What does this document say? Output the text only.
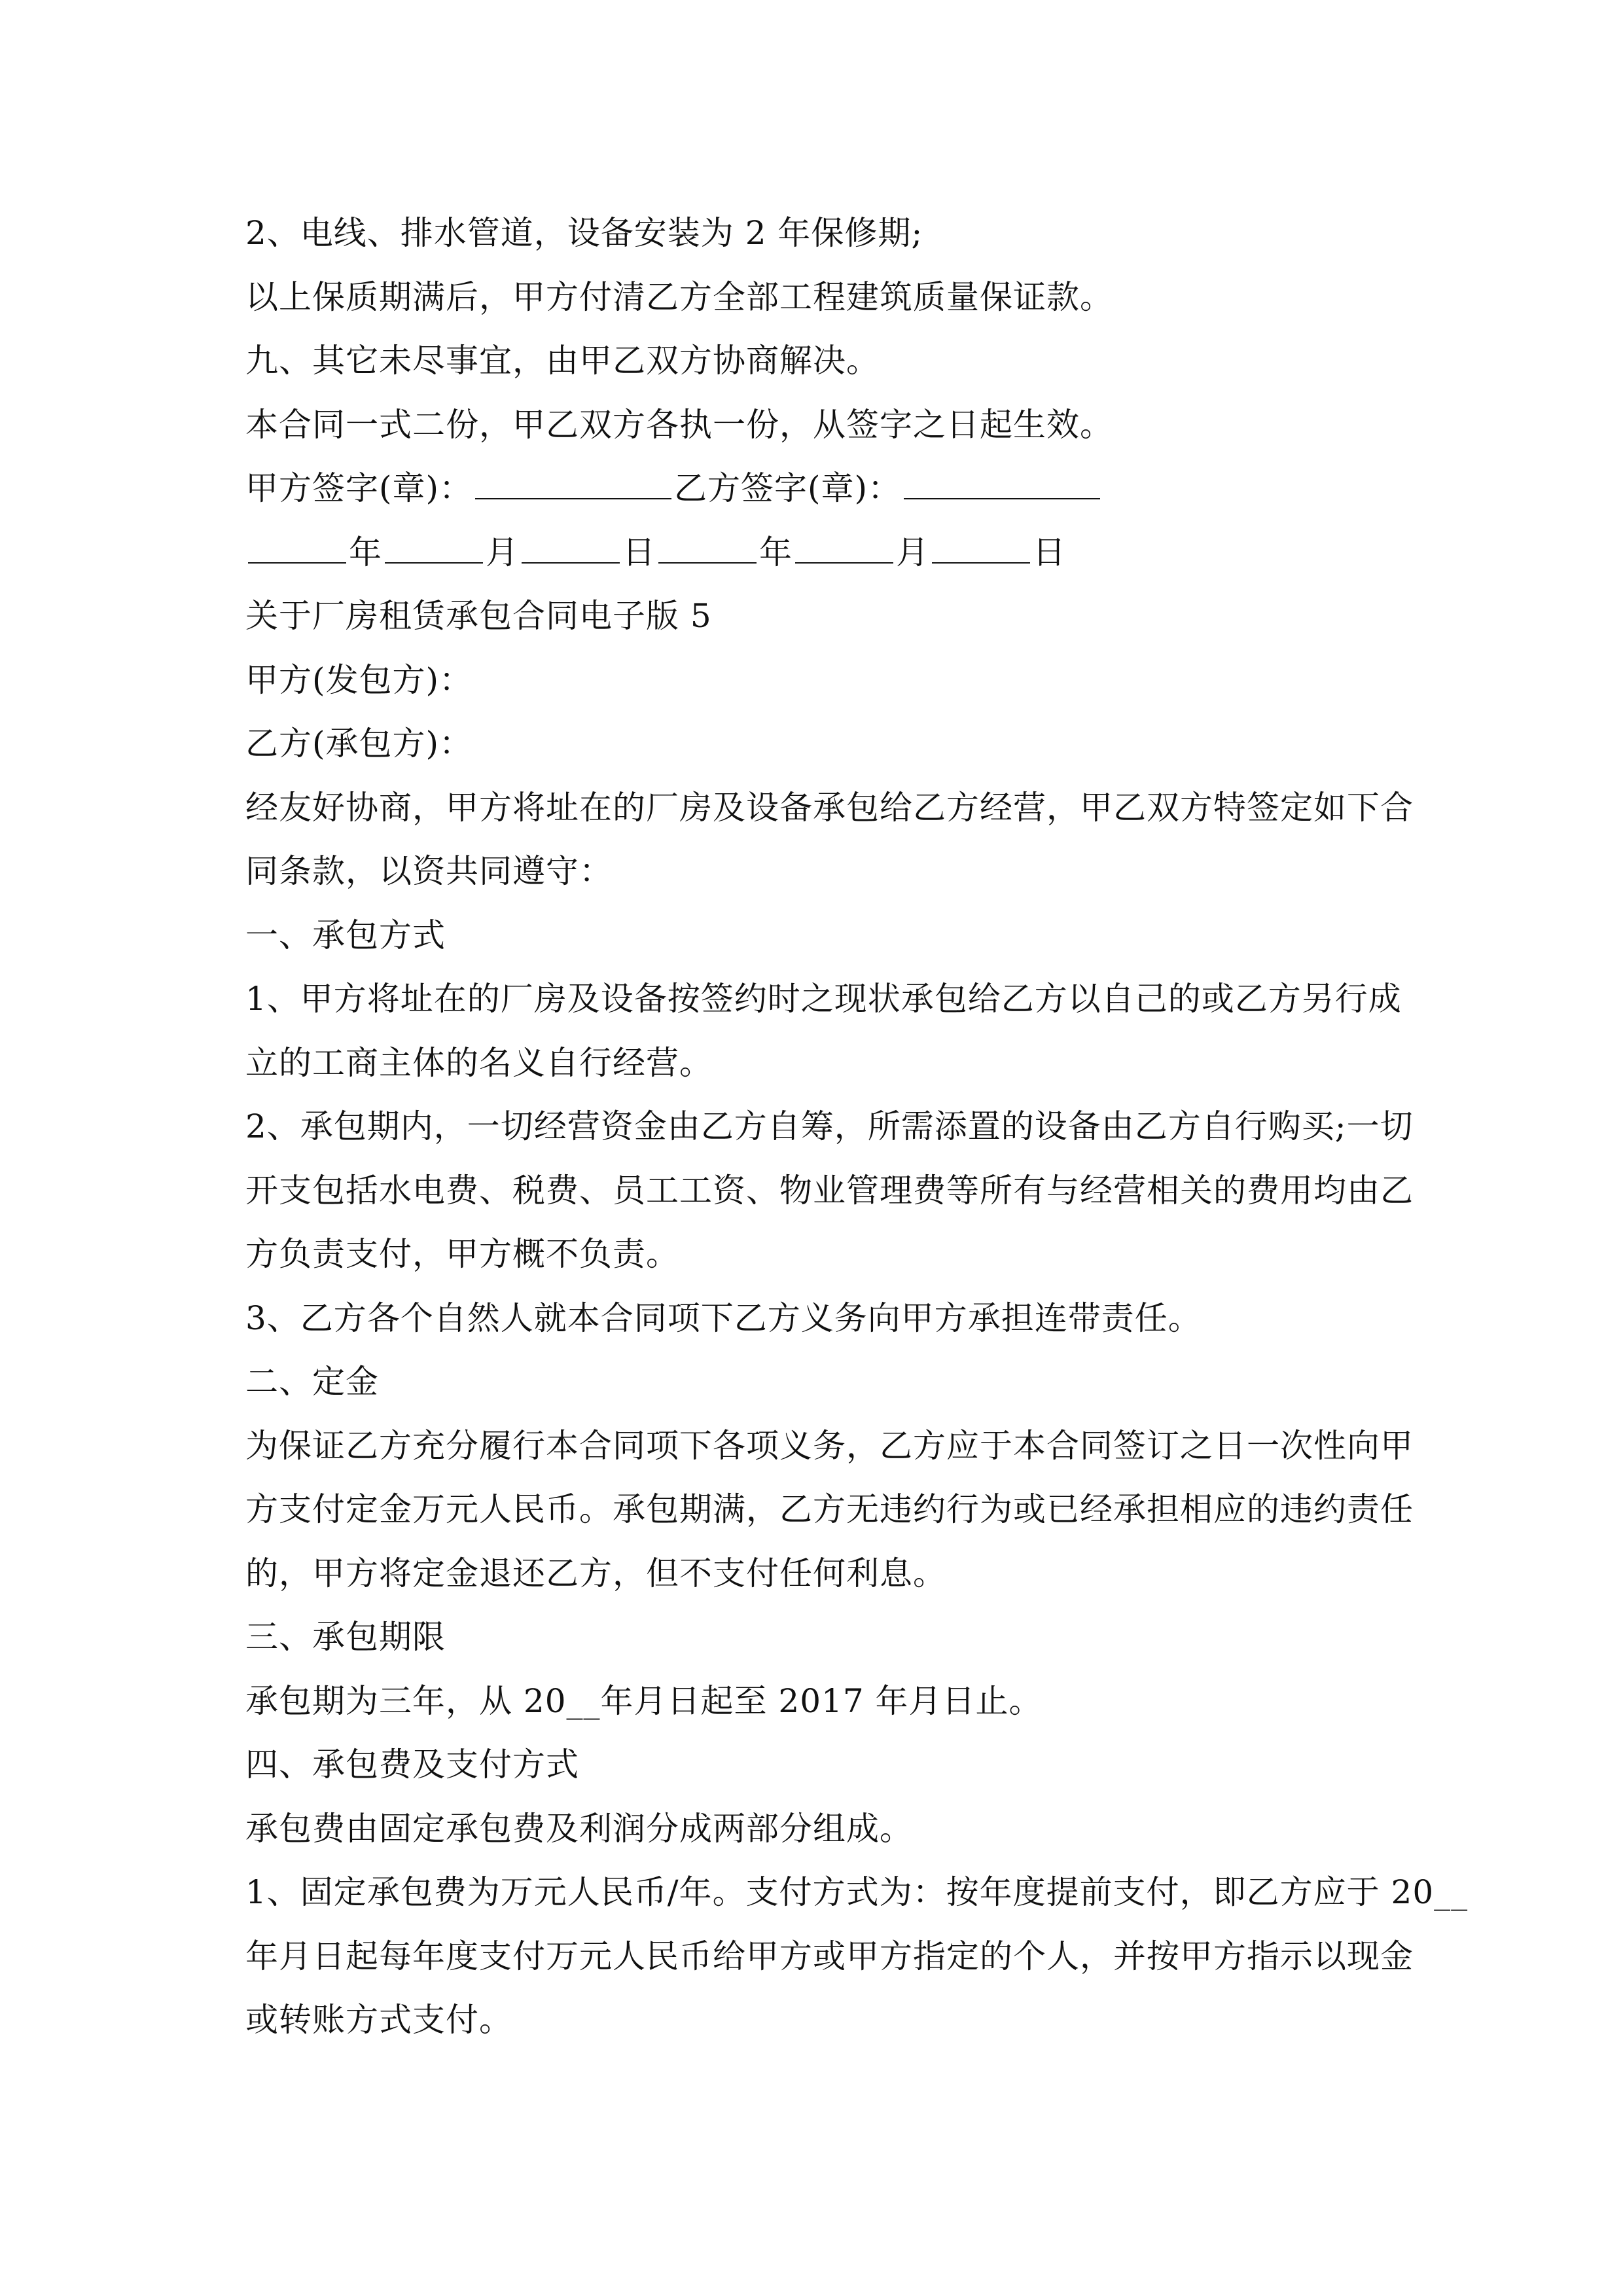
2、电线、排水管道，设备安装为 2 年保修期;
以上保质期满后，甲方付清乙方全部工程建筑质量保证款。
九、其它未尽事宜，由甲乙双方协商解决。
本合同一式二份，甲乙双方各执一份，从签字之日起生效。
甲方签字(章)：	乙方签字(章)：
年	月	日	年	月	日
关于厂房租赁承包合同电子版 5
甲方(发包方)：
乙方(承包方)：
经友好协商，甲方将址在的厂房及设备承包给乙方经营，甲乙双方特签定如下合
同条款，以资共同遵守：
一、承包方式
1、甲方将址在的厂房及设备按签约时之现状承包给乙方以自己的或乙方另行成
立的工商主体的名义自行经营。
2、承包期内，一切经营资金由乙方自筹，所需添置的设备由乙方自行购买;一切
开支包括水电费、税费、员工工资、物业管理费等所有与经营相关的费用均由乙
方负责支付，甲方概不负责。
3、乙方各个自然人就本合同项下乙方义务向甲方承担连带责任。
二、定金
为保证乙方充分履行本合同项下各项义务，乙方应于本合同签订之日一次性向甲
方支付定金万元人民币。承包期满，乙方无违约行为或已经承担相应的违约责任
的，甲方将定金退还乙方，但不支付任何利息。
三、承包期限
承包期为三年，从 20__年月日起至 2017 年月日止。
四、承包费及支付方式
承包费由固定承包费及利润分成两部分组成。
1、固定承包费为万元人民币/年。支付方式为：按年度提前支付，即乙方应于 20__
年月日起每年度支付万元人民币给甲方或甲方指定的个人，并按甲方指示以现金
或转账方式支付。
